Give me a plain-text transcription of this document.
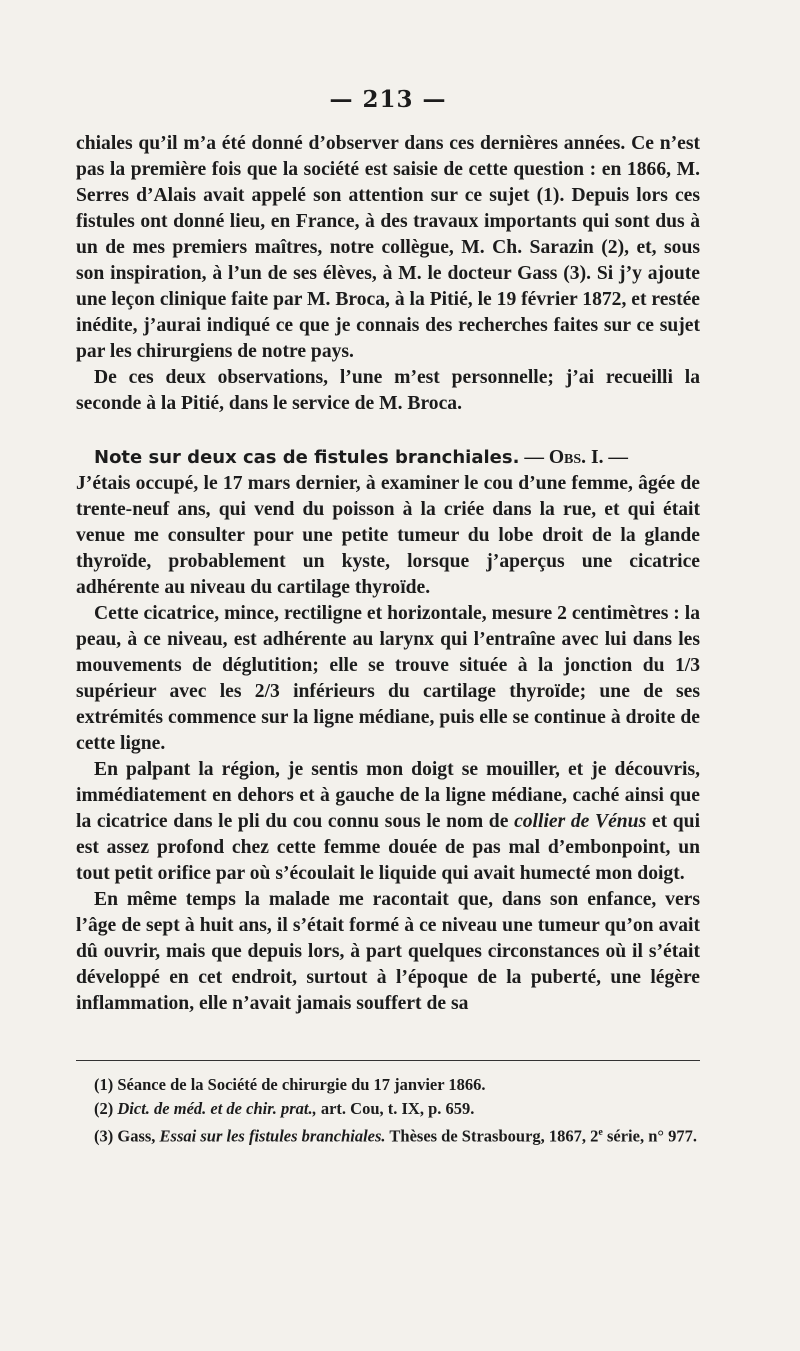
— 213 —

chiales qu’il m’a été donné d’observer dans ces dernières années. Ce n’est pas la première fois que la société est saisie de cette question : en 1866, M. Serres d’Alais avait appelé son attention sur ce sujet (1). Depuis lors ces fistules ont donné lieu, en France, à des travaux importants qui sont dus à un de mes premiers maîtres, notre collègue, M. Ch. Sarazin (2), et, sous son inspiration, à l’un de ses élèves, à M. le docteur Gass (3). Si j’y ajoute une leçon clinique faite par M. Broca, à la Pitié, le 19 février 1872, et restée inédite, j’aurai indiqué ce que je connais des recherches faites sur ce sujet par les chirurgiens de notre pays.

De ces deux observations, l’une m’est personnelle; j’ai recueilli la seconde à la Pitié, dans le service de M. Broca.

Note sur deux cas de fistules branchiales. — Obs. I. —
J’étais occupé, le 17 mars dernier, à examiner le cou d’une femme, âgée de trente-neuf ans, qui vend du poisson à la criée dans la rue, et qui était venue me consulter pour une petite tumeur du lobe droit de la glande thyroïde, probablement un kyste, lorsque j’aperçus une cicatrice adhérente au niveau du cartilage thyroïde.

Cette cicatrice, mince, rectiligne et horizontale, mesure 2 centimètres : la peau, à ce niveau, est adhérente au larynx qui l’entraîne avec lui dans les mouvements de déglutition; elle se trouve située à la jonction du 1/3 supérieur avec les 2/3 inférieurs du cartilage thyroïde; une de ses extrémités commence sur la ligne médiane, puis elle se continue à droite de cette ligne.

En palpant la région, je sentis mon doigt se mouiller, et je découvris, immédiatement en dehors et à gauche de la ligne médiane, caché ainsi que la cicatrice dans le pli du cou connu sous le nom de collier de Vénus et qui est assez profond chez cette femme douée de pas mal d’embonpoint, un tout petit orifice par où s’écoulait le liquide qui avait humecté mon doigt.

En même temps la malade me racontait que, dans son enfance, vers l’âge de sept à huit ans, il s’était formé à ce niveau une tumeur qu’on avait dû ouvrir, mais que depuis lors, à part quelques circonstances où il s’était développé en cet endroit, surtout à l’époque de la puberté, une légère inflammation, elle n’avait jamais souffert de sa

(1) Séance de la Société de chirurgie du 17 janvier 1866.

(2) Dict. de méd. et de chir. prat., art. Cou, t. IX, p. 659.

(3) Gass, Essai sur les fistules branchiales. Thèses de Strasbourg, 1867, 2e série, n° 977.
